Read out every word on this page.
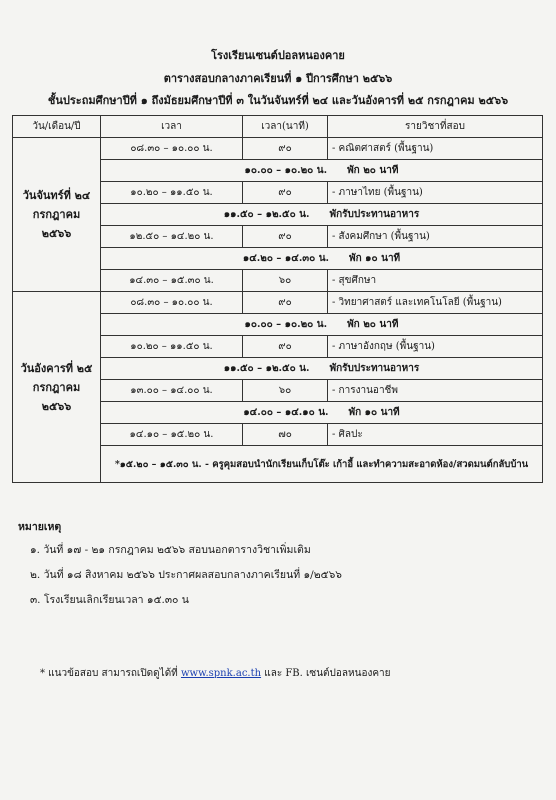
โรงเรียนเซนต์ปอลหนองคาย
ตารางสอบกลางภาคเรียนที่ ๑ ปีการศึกษา ๒๕๖๖
ชั้นประถมศึกษาปีที่ ๑ ถึงมัธยมศึกษาปีที่ ๓ ในวันจันทร์ที่ ๒๔ และวันอังคารที่ ๒๕ กรกฎาคม ๒๕๖๖
วัน/เดือน/ปี	เวลา	เวลา(นาที)	รายวิชาที่สอบ
วันจันทร์ที่ ๒๔ กรกฎาคม ๒๕๖๖	๐๘.๓๐ – ๑๐.๐๐ น.	๙๐	- คณิตศาสตร์ (พื้นฐาน)
	๑๐.๐๐ – ๑๐.๒๐ น. พัก ๒๐ นาที		
	๑๐.๒๐ – ๑๑.๕๐ น.	๙๐	- ภาษาไทย (พื้นฐาน)
	๑๑.๕๐ – ๑๒.๕๐ น. พักรับประทานอาหาร		
	๑๒.๕๐ – ๑๔.๒๐ น.	๙๐	- สังคมศึกษา (พื้นฐาน)
	๑๔.๒๐ – ๑๔.๓๐ น. พัก ๑๐ นาที		
	๑๔.๓๐ – ๑๕.๓๐ น.	๖๐	- สุขศึกษา
วันอังคารที่ ๒๕ กรกฎาคม ๒๕๖๖	๐๘.๓๐ – ๑๐.๐๐ น.	๙๐	- วิทยาศาสตร์ และเทคโนโลยี (พื้นฐาน)
	๑๐.๐๐ – ๑๐.๒๐ น. พัก ๒๐ นาที		
	๑๐.๒๐ – ๑๑.๕๐ น.	๙๐	- ภาษาอังกฤษ (พื้นฐาน)
	๑๑.๕๐ – ๑๒.๕๐ น. พักรับประทานอาหาร		
	๑๓.๐๐ – ๑๔.๐๐ น.	๖๐	- การงานอาชีพ
	๑๔.๐๐ – ๑๔.๑๐ น. พัก ๑๐ นาที		
	๑๔.๑๐ – ๑๕.๒๐ น.	๗๐	- ศิลปะ
	*๑๕.๒๐ – ๑๕.๓๐ น. - ครูคุมสอบนำนักเรียนเก็บโต๊ะ เก้าอี้ และทำความสะอาดห้อง/สวดมนต์กลับบ้าน		
หมายเหตุ
๑. วันที่ ๑๗ - ๒๑ กรกฎาคม ๒๕๖๖ สอบนอกตารางวิชาเพิ่มเติม
๒. วันที่ ๑๘ สิงหาคม ๒๕๖๖ ประกาศผลสอบกลางภาคเรียนที่ ๑/๒๕๖๖
๓. โรงเรียนเลิกเรียนเวลา ๑๕.๓๐ น
* แนวข้อสอบ สามารถเปิดดูได้ที่ www.spnk.ac.th และ FB. เซนต์ปอลหนองคาย
